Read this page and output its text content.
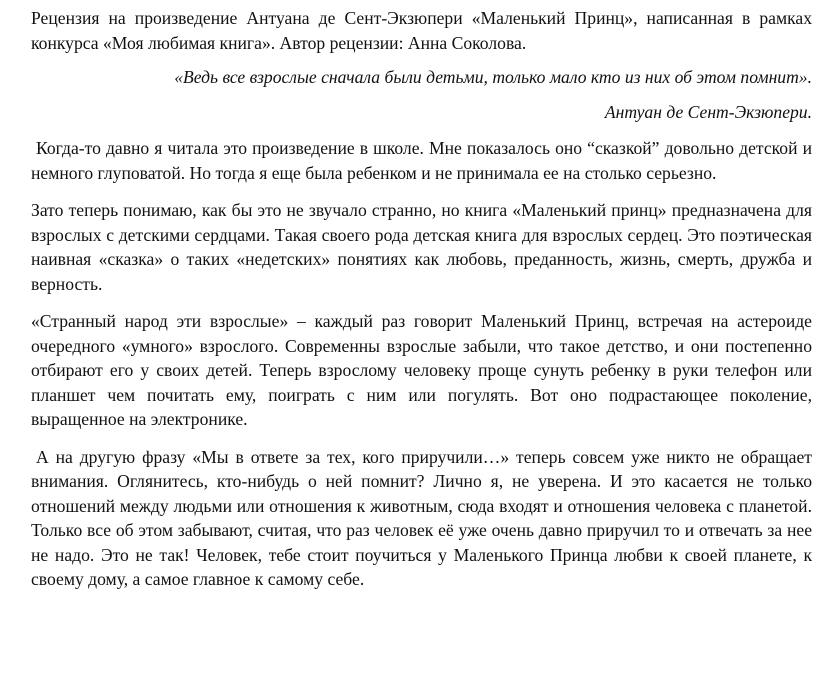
Рецензия на произведение Антуана де Сент-Экзюпери «Маленький Принц», написанная в рамках конкурса «Моя любимая книга». Автор рецензии: Анна Соколова.

«Ведь все взрослые сначала были детьми, только мало кто из них об этом помнит».

Антуан де Сент-Экзюпери.

Когда-то давно я читала это произведение в школе. Мне показалось оно “сказкой” довольно детской и немного глуповатой. Но тогда я еще была ребенком и не принимала ее на столько серьезно.

Зато теперь понимаю, как бы это не звучало странно, но книга «Маленький принц» предназначена для взрослых с детскими сердцами. Такая своего рода детская книга для взрослых сердец. Это поэтическая наивная «сказка» о таких «недетских» понятиях как любовь, преданность, жизнь, смерть, дружба и верность.

«Странный народ эти взрослые» – каждый раз говорит Маленький Принц, встречая на астероиде очередного «умного» взрослого. Современны взрослые забыли, что такое детство, и они постепенно отбирают его у своих детей. Теперь взрослому человеку проще сунуть ребенку в руки телефон или планшет чем почитать ему, поиграть с ним или погулять. Вот оно подрастающее поколение, выращенное на электронике.

А на другую фразу «Мы в ответе за тех, кого приручили…» теперь совсем уже никто не обращает внимания. Оглянитесь, кто-нибудь о ней помнит? Лично я, не уверена. И это касается не только отношений между людьми или отношения к животным, сюда входят и отношения человека с планетой. Только все об этом забывают, считая, что раз человек её уже очень давно приручил то и отвечать за нее не надо. Это не так! Человек, тебе стоит поучиться у Маленького Принца любви к своей планете, к своему дому, а самое главное к самому себе.
